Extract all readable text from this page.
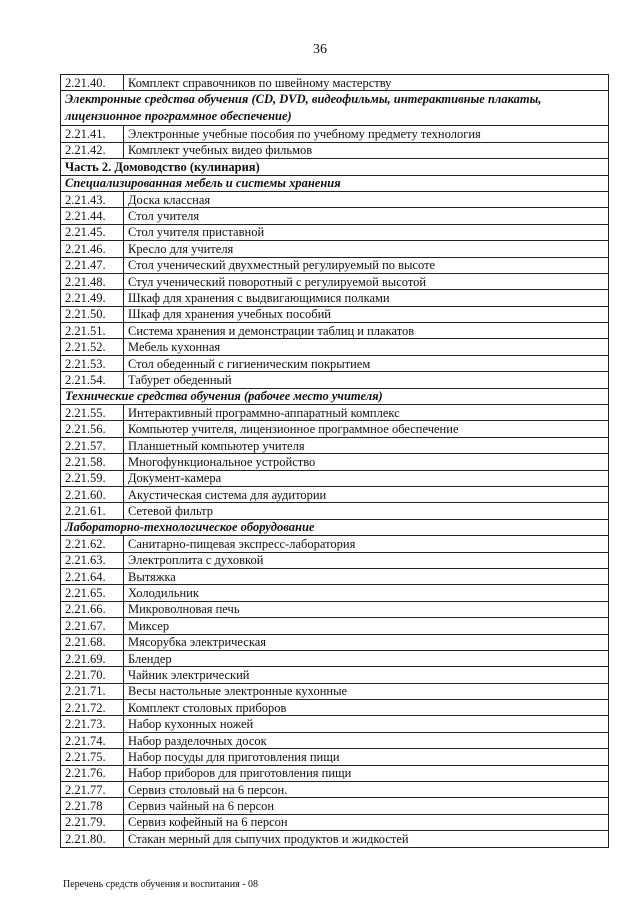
36
2.21.40.	Комплект справочников по швейному мастерству
Электронные средства обучения (CD, DVD, видеофильмы, интерактивные плакаты, лицензионное программное обеспечение)	
2.21.41.	Электронные учебные пособия по учебному предмету технология
2.21.42.	Комплект учебных видео фильмов
Часть 2. Домоводство (кулинария)	
Специализированная мебель и системы хранения	
2.21.43.	Доска классная
2.21.44.	Стол учителя
2.21.45.	Стол учителя приставной
2.21.46.	Кресло для учителя
2.21.47.	Стол ученический двухместный регулируемый по высоте
2.21.48.	Стул ученический поворотный с регулируемой высотой
2.21.49.	Шкаф для хранения с выдвигающимися полками
2.21.50.	Шкаф для хранения учебных пособий
2.21.51.	Система хранения и демонстрации таблиц и плакатов
2.21.52.	Мебель кухонная
2.21.53.	Стол обеденный с гигиеническим покрытием
2.21.54.	Табурет обеденный
Технические средства обучения (рабочее место учителя)	
2.21.55.	Интерактивный программно-аппаратный комплекс
2.21.56.	Компьютер учителя, лицензионное программное обеспечение
2.21.57.	Планшетный компьютер учителя
2.21.58.	Многофункциональное устройство
2.21.59.	Документ-камера
2.21.60.	Акустическая система для аудитории
2.21.61.	Сетевой фильтр
Лабораторно-технологическое оборудование	
2.21.62.	Санитарно-пищевая экспресс-лаборатория
2.21.63.	Электроплита с духовкой
2.21.64.	Вытяжка
2.21.65.	Холодильник
2.21.66.	Микроволновая печь
2.21.67.	Миксер
2.21.68.	Мясорубка электрическая
2.21.69.	Блендер
2.21.70.	Чайник электрический
2.21.71.	Весы настольные электронные кухонные
2.21.72.	Комплект столовых приборов
2.21.73.	Набор кухонных ножей
2.21.74.	Набор разделочных досок
2.21.75.	Набор посуды для приготовления пищи
2.21.76.	Набор приборов для приготовления пищи
2.21.77.	Сервиз столовый на 6 персон.
2.21.78	Сервиз чайный на 6 персон
2.21.79.	Сервиз кофейный на 6 персон
2.21.80.	Стакан мерный для сыпучих продуктов и жидкостей
Перечень средств обучения и воспитания - 08
